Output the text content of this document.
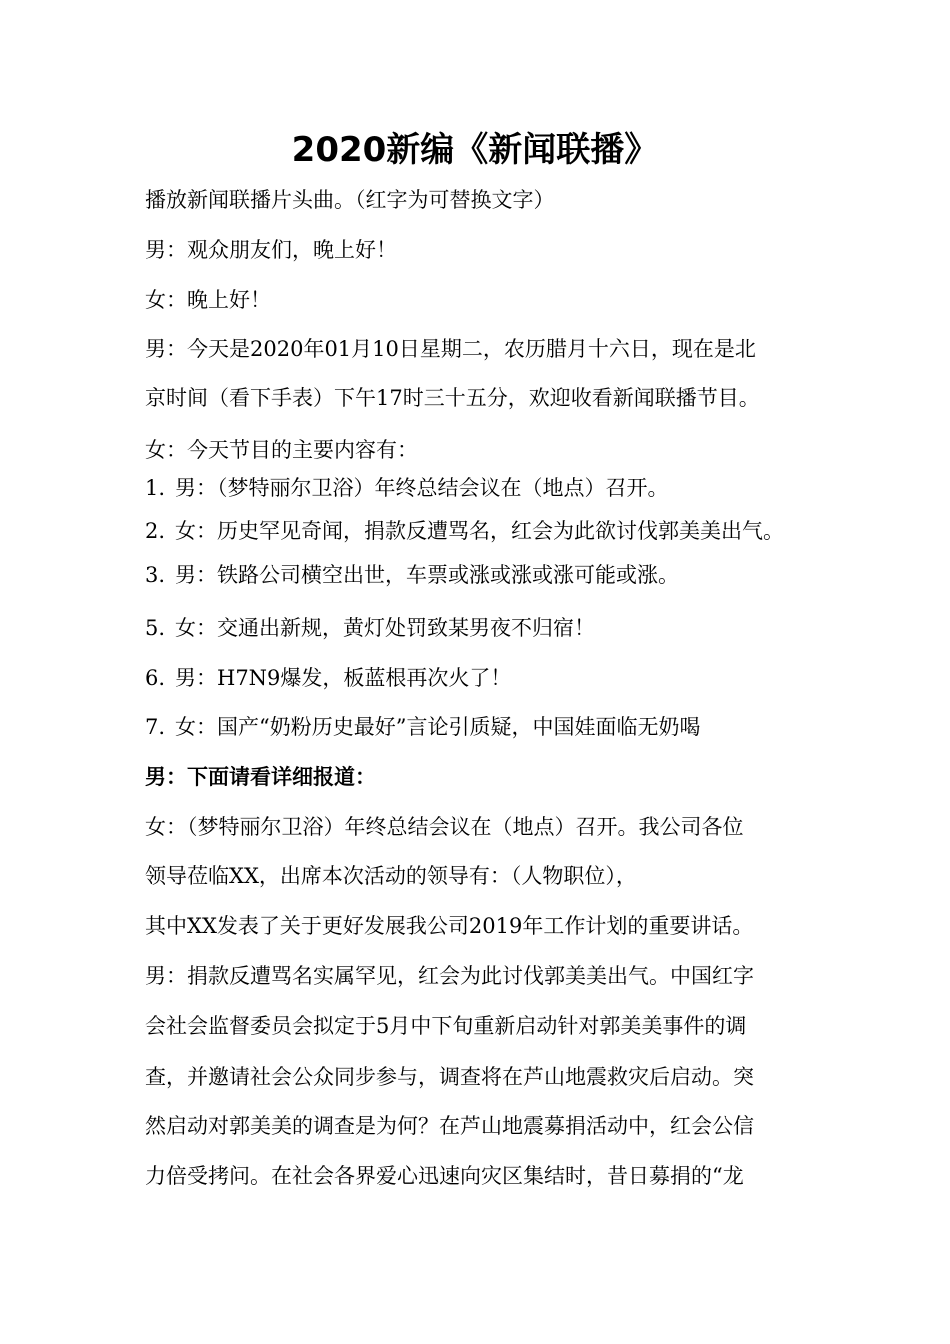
2020新编《新闻联播》
播放新闻联播片头曲。（红字为可替换文字）
男：观众朋友们，晚上好！
女：晚上好！
男：今天是2020年01月10日星期二，农历腊月十六日，现在是北
京时间（看下手表）下午17时三十五分，欢迎收看新闻联播节目。
女：今天节目的主要内容有：
1. 男：（梦特丽尔卫浴）年终总结会议在（地点）召开。
2. 女：历史罕见奇闻，捐款反遭骂名，红会为此欲讨伐郭美美出气。
3. 男：铁路公司横空出世，车票或涨或涨或涨可能或涨。
5. 女：交通出新规，黄灯处罚致某男夜不归宿！
6. 男：H7N9爆发，板蓝根再次火了！
7. 女：国产“奶粉历史最好”言论引质疑，中国娃面临无奶喝
男：下面请看详细报道：
女：（梦特丽尔卫浴）年终总结会议在（地点）召开。我公司各位
领导莅临XX，出席本次活动的领导有：（人物职位），
其中XX发表了关于更好发展我公司2019年工作计划的重要讲话。
男：捐款反遭骂名实属罕见，红会为此讨伐郭美美出气。中国红字
会社会监督委员会拟定于5月中下旬重新启动针对郭美美事件的调
查，并邀请社会公众同步参与，调查将在芦山地震救灾后启动。突
然启动对郭美美的调查是为何？在芦山地震募捐活动中，红会公信
力倍受拷问。在社会各界爱心迅速向灾区集结时，昔日募捐的“龙
